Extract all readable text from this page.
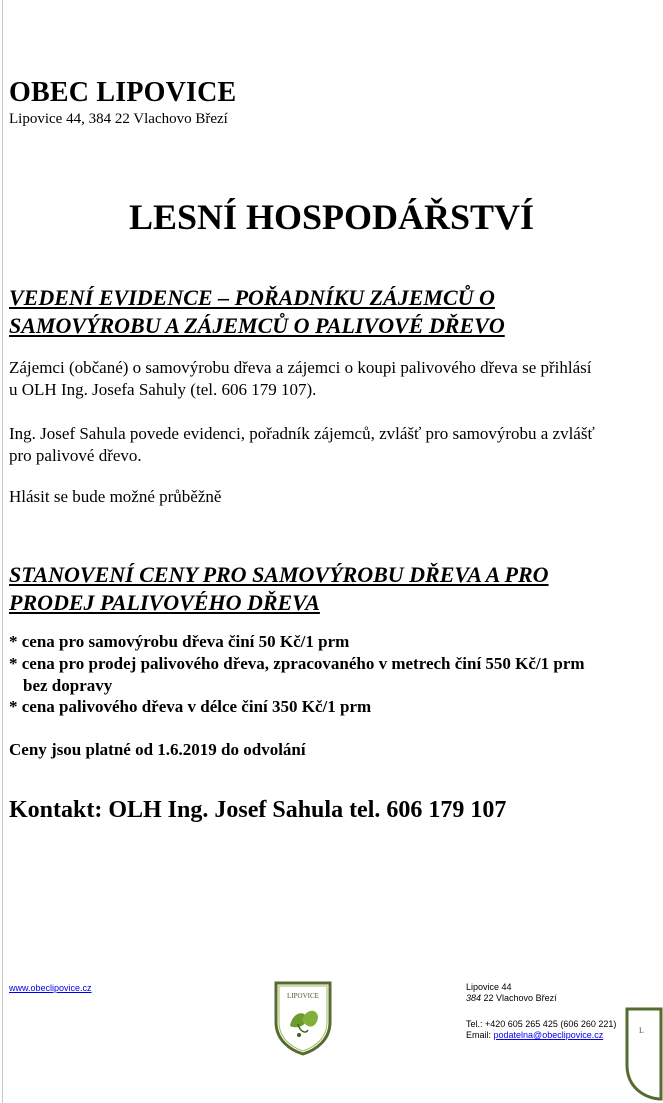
OBEC LIPOVICE
Lipovice 44, 384 22 Vlachovo Březí
LESNÍ HOSPODÁŘSTVÍ
VEDENÍ EVIDENCE – POŘADNÍKU ZÁJEMCŮ O
SAMOVÝROBU A ZÁJEMCŮ O PALIVOVÉ DŘEVO
Zájemci (občané) o samovýrobu dřeva a zájemci o koupi palivového dřeva se přihlásí
u OLH Ing. Josefa Sahuly (tel. 606 179 107).
Ing. Josef Sahula povede evidenci, pořadník zájemců, zvlášť pro samovýrobu a zvlášť
pro palivové dřevo.
Hlásit se bude možné průběžně
STANOVENÍ CENY PRO SAMOVÝROBU DŘEVA A PRO
PRODEJ PALIVOVÉHO DŘEVA
* cena pro samovýrobu dřeva činí 50 Kč/1 prm
* cena pro prodej palivového dřeva, zpracovaného v metrech činí 550 Kč/1 prm
bez dopravy
* cena palivového dřeva v délce činí 350 Kč/1 prm
Ceny jsou platné od 1.6.2019 do odvolání
Kontakt: OLH Ing. Josef Sahula tel. 606 179 107
www.obeclipovice.cz
LIPOVICE
Lipovice 44
384 22 Vlachovo Březí
Tel.: +420 605 265 425 (606 260 221)
Email: podatelna@obeclipovice.cz	L
